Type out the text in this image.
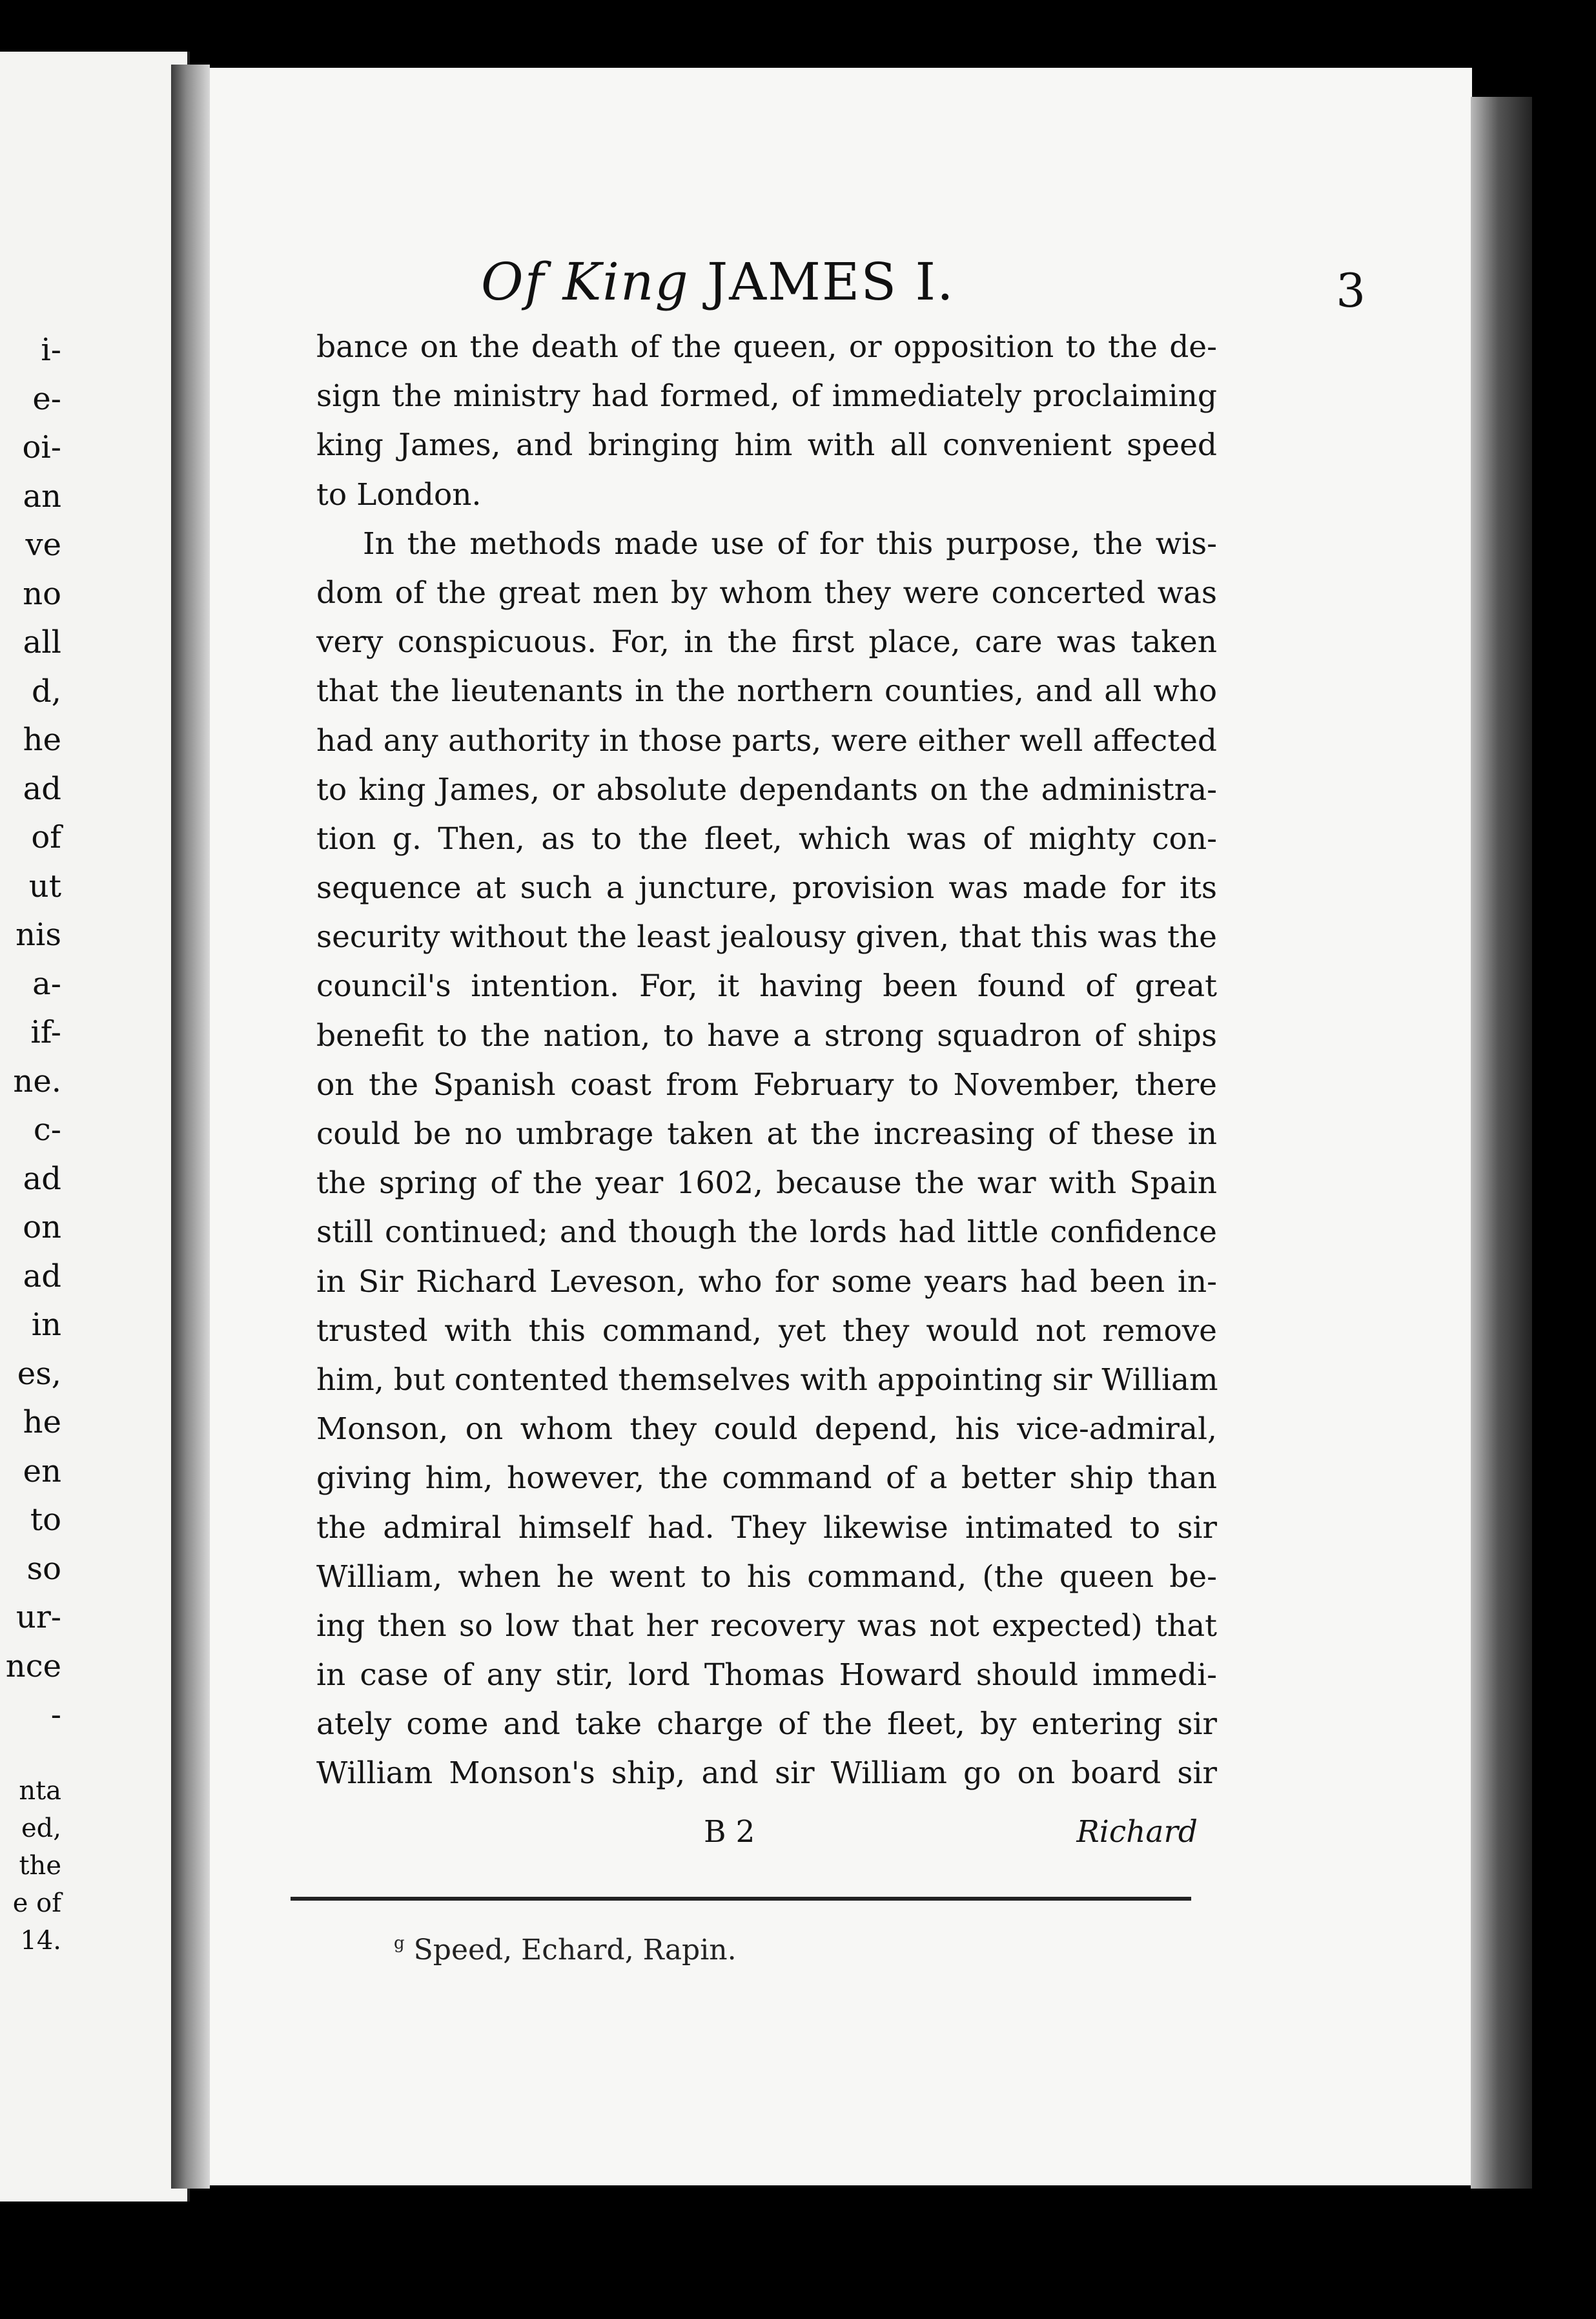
i-
e-
oi-
an
ve
no
all
d,
he
ad
of
ut
nis
a-
if-
ne.
c-
ad
on
ad
in
es,
he
en
to
so
ur-
nce
-
nta
ed,
the
e of
14.
Of King JAMES I.	3
bance on the death of the queen, or opposition to the de-
sign the ministry had formed, of immediately proclaiming
king James, and bringing him with all convenient speed
to London.
In the methods made use of for this purpose, the wis-
dom of the great men by whom they were concerted was
very conspicuous. For, in the first place, care was taken
that the lieutenants in the northern counties, and all who
had any authority in those parts, were either well affected
to king James, or absolute dependants on the administra-
tion g. Then, as to the fleet, which was of mighty con-
sequence at such a juncture, provision was made for its
security without the least jealousy given, that this was the
council's intention. For, it having been found of great
benefit to the nation, to have a strong squadron of ships
on the Spanish coast from February to November, there
could be no umbrage taken at the increasing of these in
the spring of the year 1602, because the war with Spain
still continued; and though the lords had little confidence
in Sir Richard Leveson, who for some years had been in-
trusted with this command, yet they would not remove
him, but contented themselves with appointing sir William
Monson, on whom they could depend, his vice-admiral,
giving him, however, the command of a better ship than
the admiral himself had. They likewise intimated to sir
William, when he went to his command, (the queen be-
ing then so low that her recovery was not expected) that
in case of any stir, lord Thomas Howard should immedi-
ately come and take charge of the fleet, by entering sir
William Monson's ship, and sir William go on board sir
B 2	Richard
$^g$ Speed, Echard, Rapin.
